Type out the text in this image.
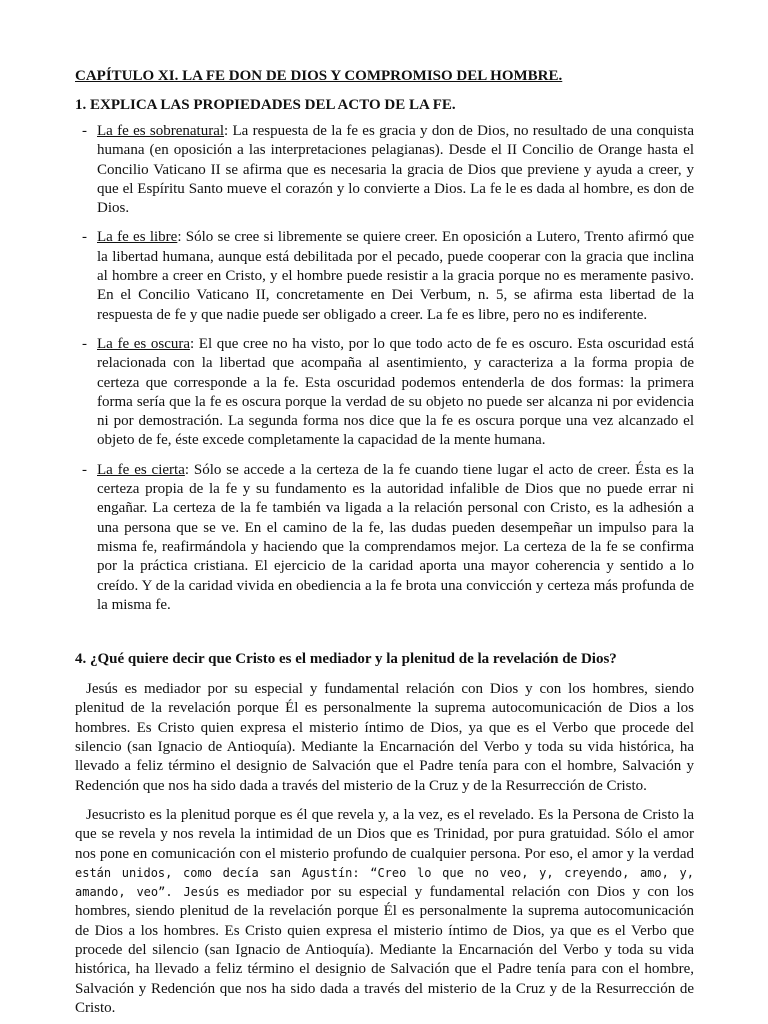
CAPÍTULO XI. LA FE DON DE DIOS Y COMPROMISO DEL HOMBRE.
1. EXPLICA LAS PROPIEDADES DEL ACTO DE LA FE.
- La fe es sobrenatural: La respuesta de la fe es gracia y don de Dios, no resultado de una conquista humana (en oposición a las interpretaciones pelagianas). Desde el II Concilio de Orange hasta el Concilio Vaticano II se afirma que es necesaria la gracia de Dios que previene y ayuda a creer, y que el Espíritu Santo mueve el corazón y lo convierte a Dios. La fe le es dada al hombre, es don de Dios.
- La fe es libre: Sólo se cree si libremente se quiere creer. En oposición a Lutero, Trento afirmó que la libertad humana, aunque está debilitada por el pecado, puede cooperar con la gracia que inclina al hombre a creer en Cristo, y el hombre puede resistir a la gracia porque no es meramente pasivo. En el Concilio Vaticano II, concretamente en Dei Verbum, n. 5, se afirma esta libertad de la respuesta de fe y que nadie puede ser obligado a creer. La fe es libre, pero no es indiferente.
- La fe es oscura: El que cree no ha visto, por lo que todo acto de fe es oscuro. Esta oscuridad está relacionada con la libertad que acompaña al asentimiento, y caracteriza a la forma propia de certeza que corresponde a la fe. Esta oscuridad podemos entenderla de dos formas: la primera forma sería que la fe es oscura porque la verdad de su objeto no puede ser alcanza ni por evidencia ni por demostración. La segunda forma nos dice que la fe es oscura porque una vez alcanzado el objeto de fe, éste excede completamente la capacidad de la mente humana.
- La fe es cierta: Sólo se accede a la certeza de la fe cuando tiene lugar el acto de creer. Ésta es la certeza propia de la fe y su fundamento es la autoridad infalible de Dios que no puede errar ni engañar. La certeza de la fe también va ligada a la relación personal con Cristo, es la adhesión a una persona que se ve. En el camino de la fe, las dudas pueden desempeñar un impulso para la misma fe, reafirmándola y haciendo que la comprendamos mejor. La certeza de la fe se confirma por la práctica cristiana. El ejercicio de la caridad aporta una mayor coherencia y sentido a lo creído. Y de la caridad vivida en obediencia a la fe brota una convicción y certeza más profunda de la misma fe.
4. ¿Qué quiere decir que Cristo es el mediador y la plenitud de la revelación de Dios?

Jesús es mediador por su especial y fundamental relación con Dios y con los hombres, siendo plenitud de la revelación porque Él es personalmente la suprema autocomunicación de Dios a los hombres. Es Cristo quien expresa el misterio íntimo de Dios, ya que es el Verbo que procede del silencio (san Ignacio de Antioquía). Mediante la Encarnación del Verbo y toda su vida histórica, ha llevado a feliz término el designio de Salvación que el Padre tenía para con el hombre, Salvación y Redención que nos ha sido dada a través del misterio de la Cruz y de la Resurrección de Cristo.

Jesucristo es la plenitud porque es él que revela y, a la vez, es el revelado. Es la Persona de Cristo la que se revela y nos revela la intimidad de un Dios que es Trinidad, por pura gratuidad. Sólo el amor nos pone en comunicación con el misterio profundo de cualquier persona. Por eso, el amor y la verdad están unidos, como decía san Agustín: “Creo lo que no veo, y, creyendo, amo, y, amando, veo”. Jesús es mediador por su especial y fundamental relación con Dios y con los hombres, siendo plenitud de la revelación porque Él es personalmente la suprema autocomunicación de Dios a los hombres. Es Cristo quien expresa el misterio íntimo de Dios, ya que es el Verbo que procede del silencio (san Ignacio de Antioquía). Mediante la Encarnación del Verbo y toda su vida histórica, ha llevado a feliz término el designio de Salvación que el Padre tenía para con el hombre, Salvación y Redención que nos ha sido dada a través del misterio de la Cruz y de la Resurrección de Cristo.
